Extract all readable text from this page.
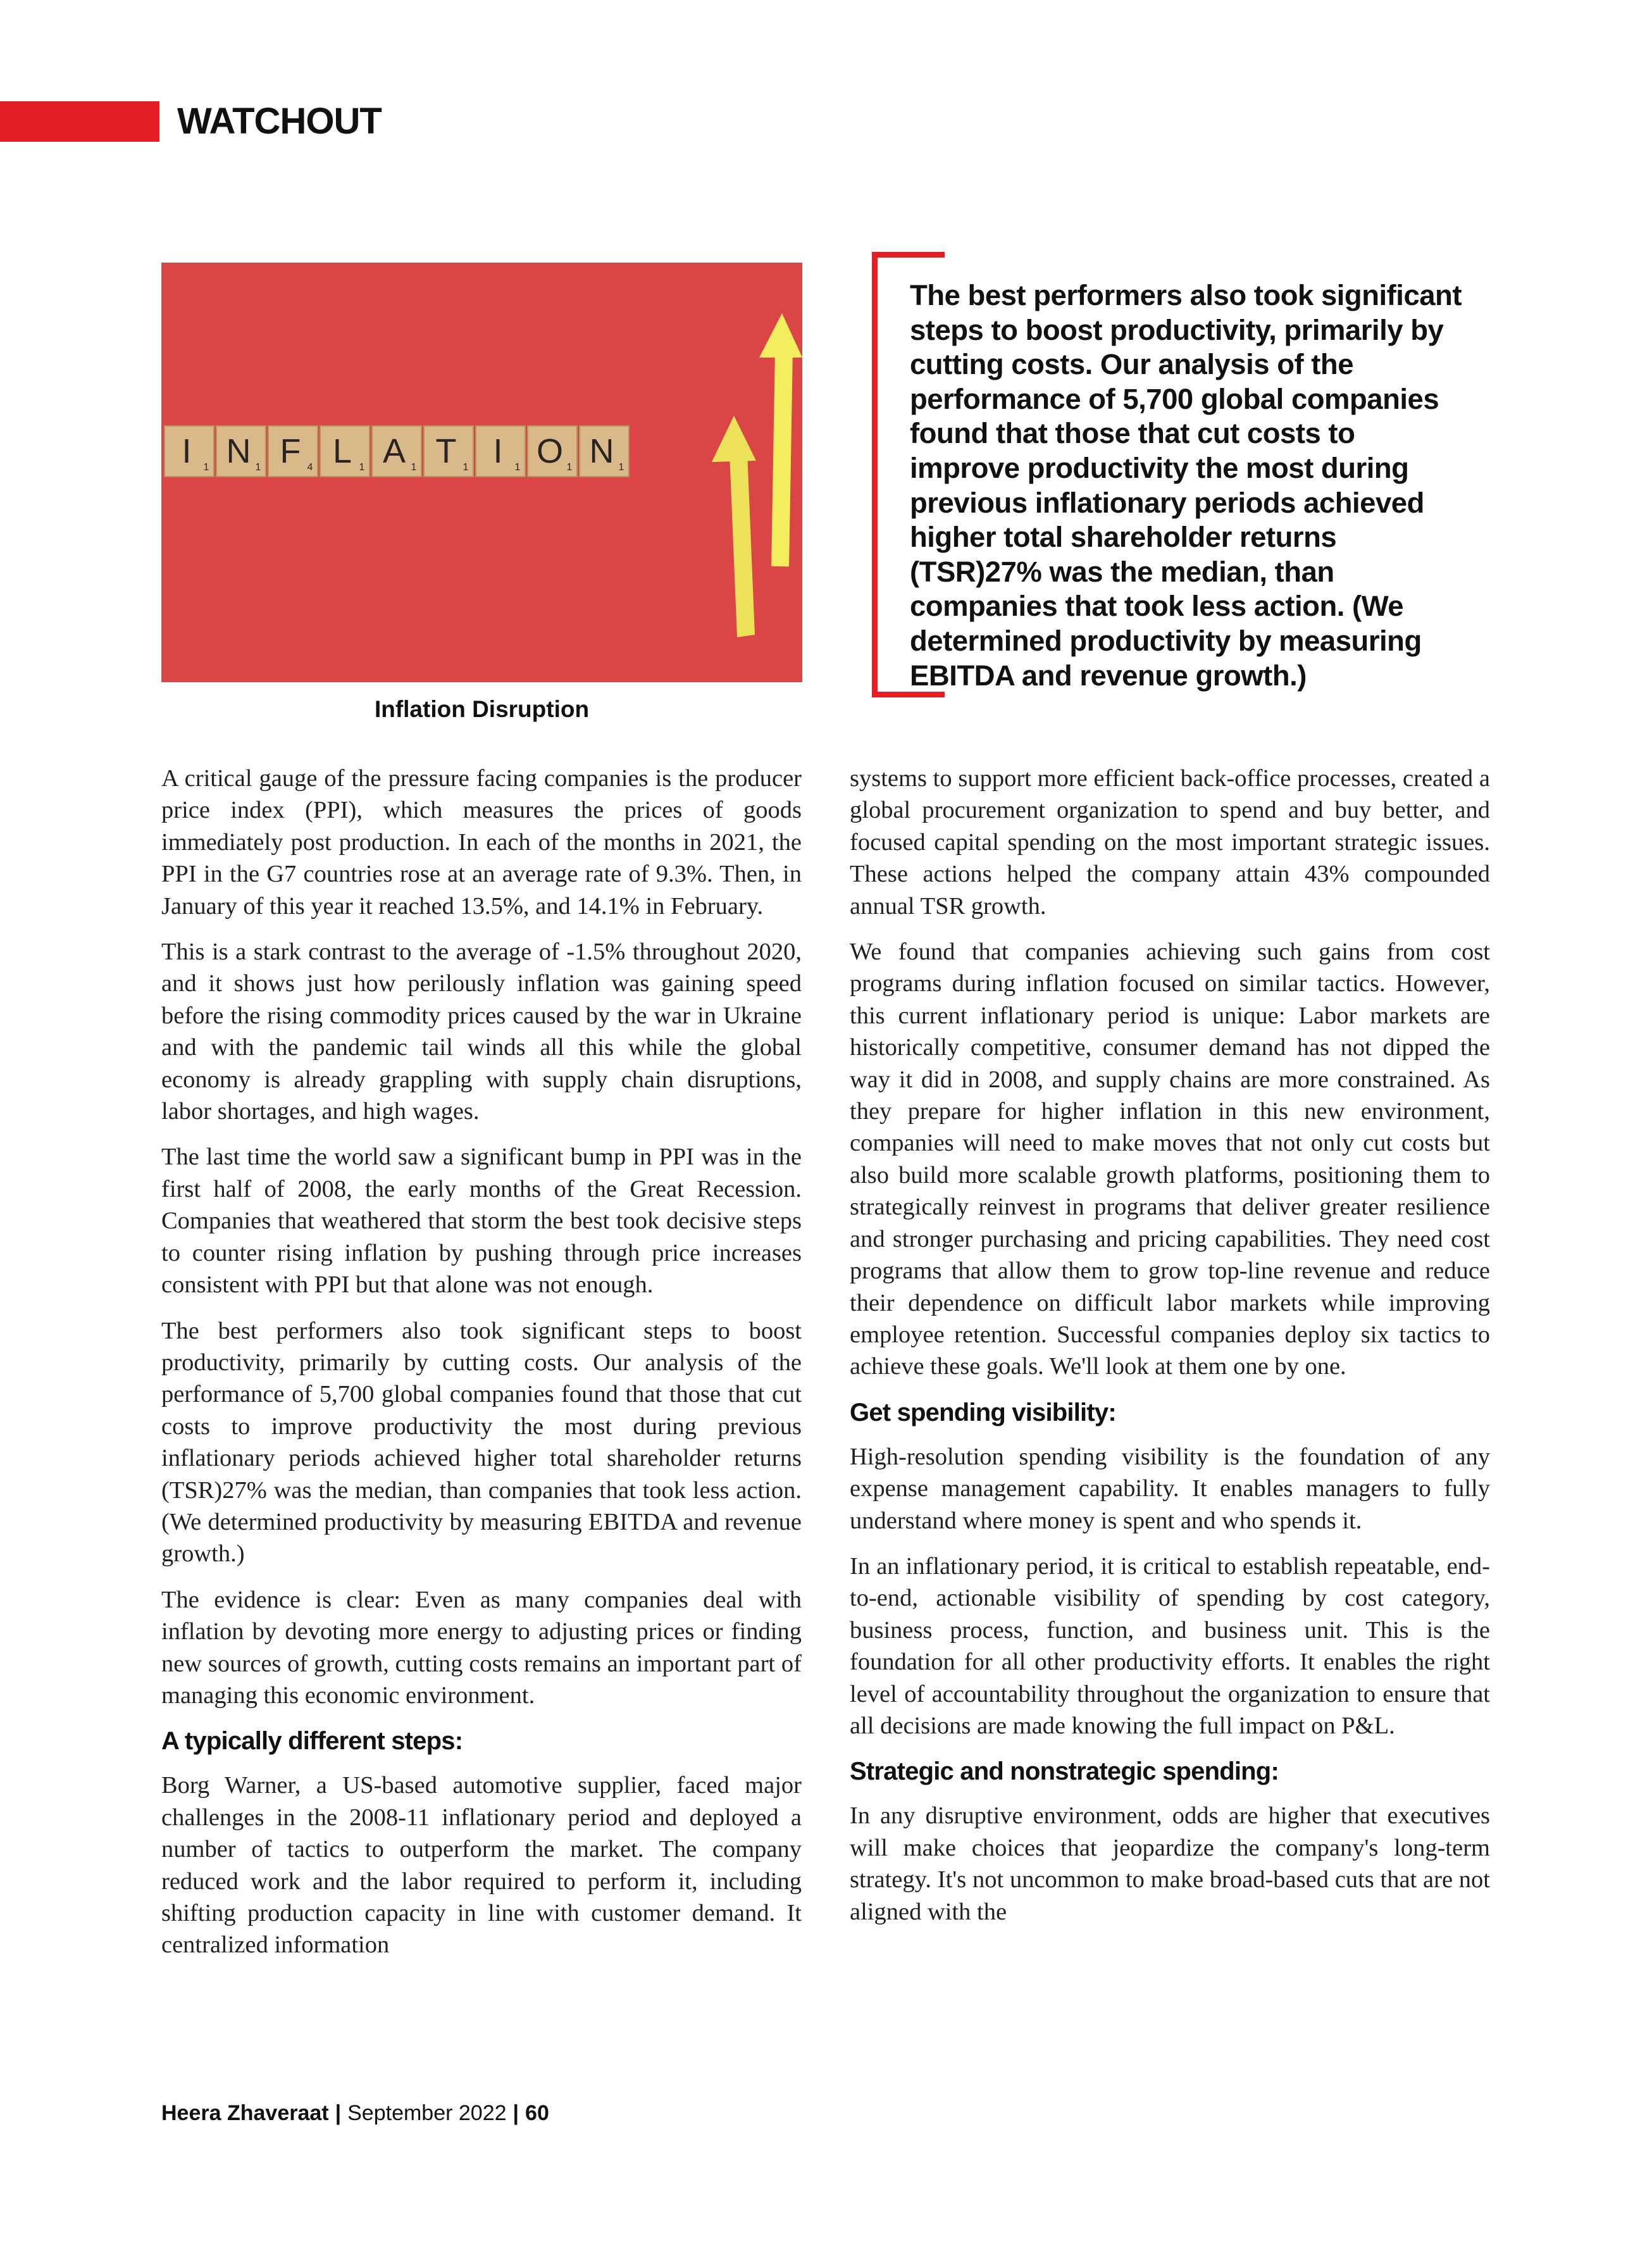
WATCHOUT
I 1 N 1 F 4 L 1 A 1 T 1 I 1 O 1 N 1
Inflation Disruption
The best performers also took significant steps to boost productivity, primarily by cutting costs. Our analysis of the performance of 5,700 global companies found that those that cut costs to improve productivity the most during previous inflationary periods achieved higher total shareholder returns (TSR)27% was the median, than companies that took less action. (We determined productivity by measuring EBITDA and revenue growth.)

A critical gauge of the pressure facing companies is the producer price index (PPI), which measures the prices of goods immediately post production. In each of the months in 2021, the PPI in the G7 countries rose at an average rate of 9.3%. Then, in January of this year it reached 13.5%, and 14.1% in February.

This is a stark contrast to the average of -1.5% throughout 2020, and it shows just how perilously inflation was gaining speed before the rising commodity prices caused by the war in Ukraine and with the pandemic tail winds all this while the global economy is already grappling with supply chain disruptions, labor shortages, and high wages.

The last time the world saw a significant bump in PPI was in the first half of 2008, the early months of the Great Recession. Companies that weathered that storm the best took decisive steps to counter rising inflation by pushing through price increases consistent with PPI but that alone was not enough.

The best performers also took significant steps to boost productivity, primarily by cutting costs. Our analysis of the performance of 5,700 global companies found that those that cut costs to improve productivity the most during previous inflationary periods achieved higher total shareholder returns (TSR)27% was the median, than companies that took less action. (We determined productivity by measuring EBITDA and revenue growth.)

The evidence is clear: Even as many companies deal with inflation by devoting more energy to adjusting prices or finding new sources of growth, cutting costs remains an important part of managing this economic environment.

A typically different steps:

Borg Warner, a US-based automotive supplier, faced major challenges in the 2008-11 inflationary period and deployed a number of tactics to outperform the market. The company reduced work and the labor required to perform it, including shifting production capacity in line with customer demand. It centralized information

systems to support more efficient back-office processes, created a global procurement organization to spend and buy better, and focused capital spending on the most important strategic issues. These actions helped the company attain 43% compounded annual TSR growth.

We found that companies achieving such gains from cost programs during inflation focused on similar tactics. However, this current inflationary period is unique: Labor markets are historically competitive, consumer demand has not dipped the way it did in 2008, and supply chains are more constrained. As they prepare for higher inflation in this new environment, companies will need to make moves that not only cut costs but also build more scalable growth platforms, positioning them to strategically reinvest in programs that deliver greater resilience and stronger purchasing and pricing capabilities. They need cost programs that allow them to grow top-line revenue and reduce their dependence on difficult labor markets while improving employee retention. Successful companies deploy six tactics to achieve these goals. We'll look at them one by one.

Get spending visibility:

High-resolution spending visibility is the foundation of any expense management capability. It enables managers to fully understand where money is spent and who spends it.

In an inflationary period, it is critical to establish repeatable, end-to-end, actionable visibility of spending by cost category, business process, function, and business unit. This is the foundation for all other productivity efforts. It enables the right level of accountability throughout the organization to ensure that all decisions are made knowing the full impact on P&L.

Strategic and nonstrategic spending:

In any disruptive environment, odds are higher that executives will make choices that jeopardize the company's long-term strategy. It's not uncommon to make broad-based cuts that are not aligned with the

Heera Zhaveraat | September 2022 | 60
